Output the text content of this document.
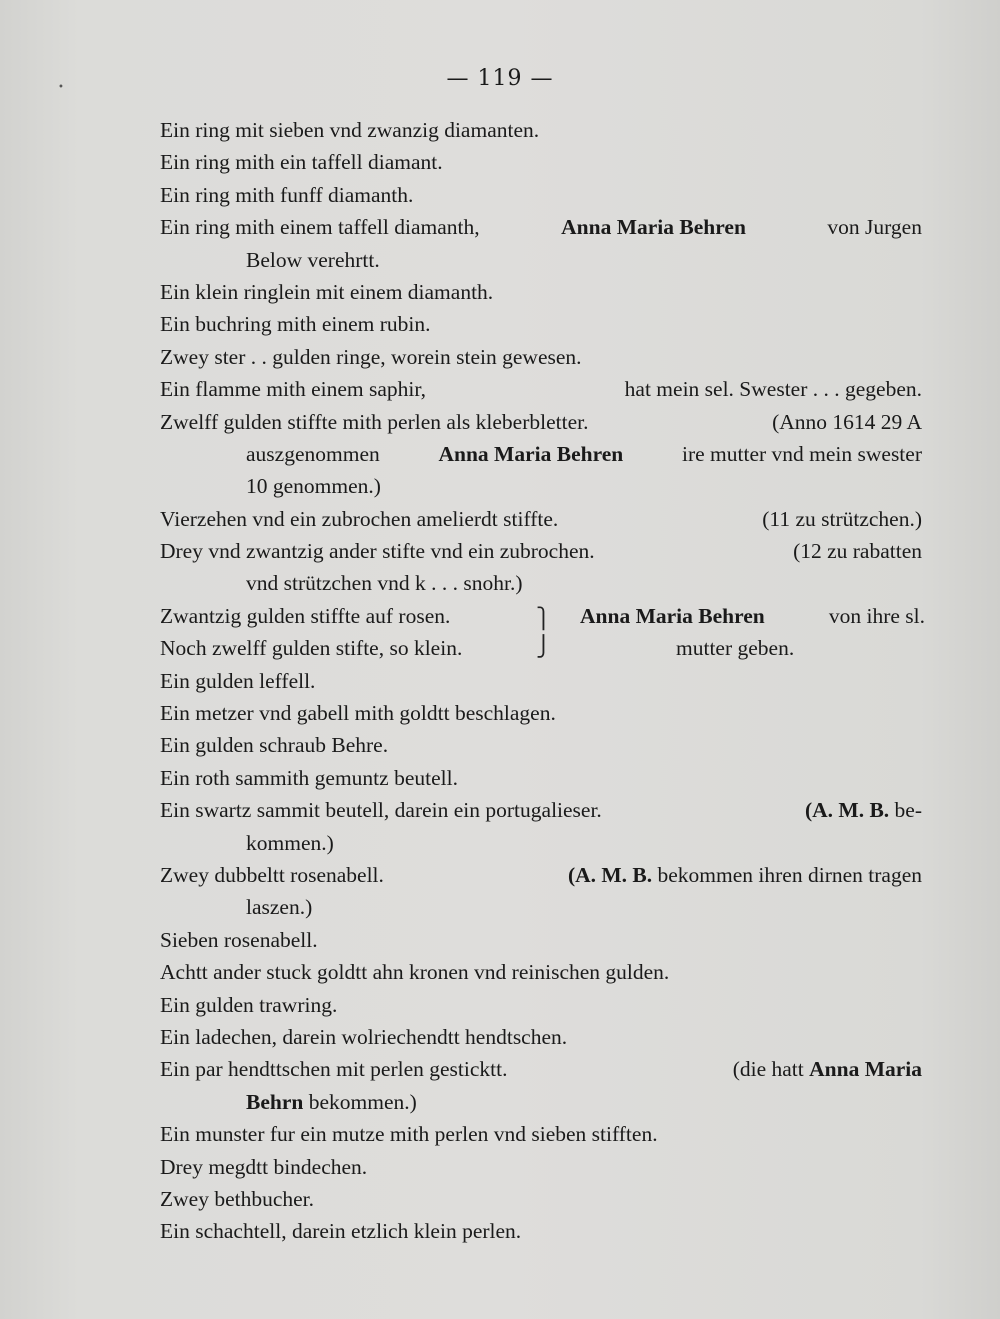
•	— 119 —
Ein ring mit sieben vnd zwanzig diamanten.
Ein ring mith ein taffell diamant.
Ein ring mith funff diamanth.
Ein ring mith einem taffell diamanth,	Anna Maria Behren	von Jurgen
Below verehrtt.
Ein klein ringlein mit einem diamanth.
Ein buchring mith einem rubin.
Zwey ster . . gulden ringe, worein stein gewesen.
Ein flamme mith einem saphir,	hat mein sel. Swester . . . gegeben.
Zwelff gulden stiffte mith perlen als kleberbletter.	(Anno 1614 29 A
auszgenommen	Anna Maria Behren	ire mutter vnd mein swester
10 genommen.)
Vierzehen vnd ein zubrochen amelierdt stiffte.	(11 zu strützchen.)
Drey vnd zwantzig ander stifte vnd ein zubrochen.	(12 zu rabatten
vnd strützchen vnd k . . . snohr.)
Zwantzig gulden stiffte auf rosen.
Noch zwelff gulden stifte, so klein.
⎫
⎭
Anna Maria Behren	von ihre sl.
mutter geben.
Ein gulden leffell.
Ein metzer vnd gabell mith goldtt beschlagen.
Ein gulden schraub Behre.
Ein roth sammith gemuntz beutell.
Ein swartz sammit beutell, darein ein portugalieser.	(A. M. B. be-
kommen.)
Zwey dubbeltt rosenabell.	(A. M. B. bekommen ihren dirnen tragen
laszen.)
Sieben rosenabell.
Achtt ander stuck goldtt ahn kronen vnd reinischen gulden.
Ein gulden trawring.
Ein ladechen, darein wolriechendtt hendtschen.
Ein par hendttschen mit perlen gesticktt.	(die hatt Anna Maria
Behrn bekommen.)
Ein munster fur ein mutze mith perlen vnd sieben stifften.
Drey megdtt bindechen.
Zwey bethbucher.
Ein schachtell, darein etzlich klein perlen.
